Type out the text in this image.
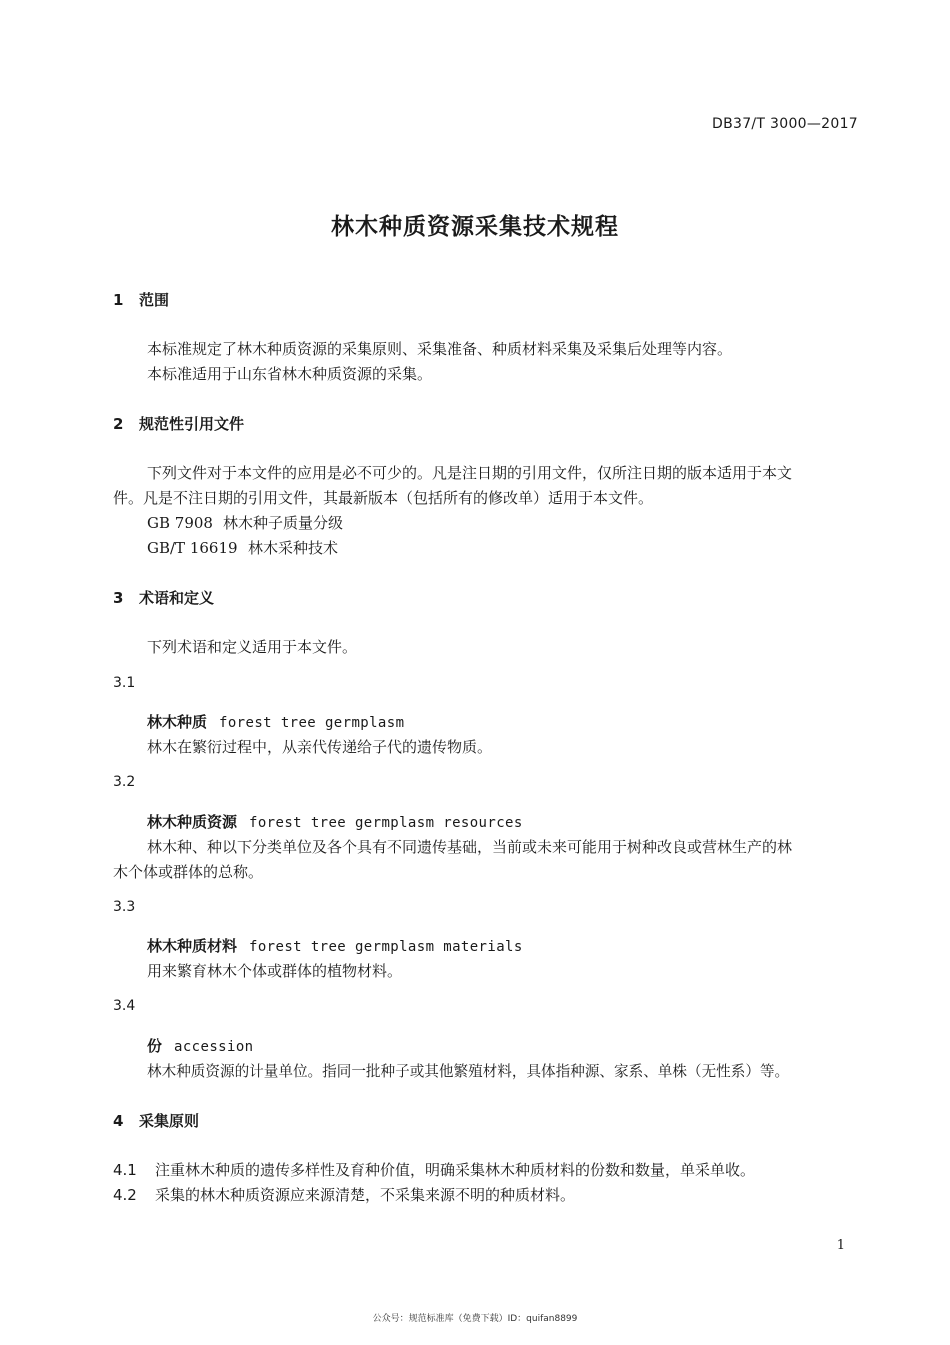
DB37/T 3000—2017
林木种质资源采集技术规程
1 范围
本标准规定了林木种质资源的采集原则、采集准备、种质材料采集及采集后处理等内容。
本标准适用于山东省林木种质资源的采集。
2 规范性引用文件
下列文件对于本文件的应用是必不可少的。凡是注日期的引用文件，仅所注日期的版本适用于本文
件。凡是不注日期的引用文件，其最新版本（包括所有的修改单）适用于本文件。
GB 7908 林木种子质量分级
GB/T 16619 林木采种技术
3 术语和定义
下列术语和定义适用于本文件。
3.1
林木种质 forest tree germplasm
林木在繁衍过程中，从亲代传递给子代的遗传物质。
3.2
林木种质资源 forest tree germplasm resources
林木种、种以下分类单位及各个具有不同遗传基础，当前或未来可能用于树种改良或营林生产的林
木个体或群体的总称。
3.3
林木种质材料 forest tree germplasm materials
用来繁育林木个体或群体的植物材料。
3.4
份 accession
林木种质资源的计量单位。指同一批种子或其他繁殖材料，具体指种源、家系、单株（无性系）等。
4 采集原则
4.1 注重林木种质的遗传多样性及育种价值，明确采集林木种质材料的份数和数量，单采单收。
4.2 采集的林木种质资源应来源清楚，不采集来源不明的种质材料。
1
公众号：规范标准库（免费下载）ID：quifan8899
